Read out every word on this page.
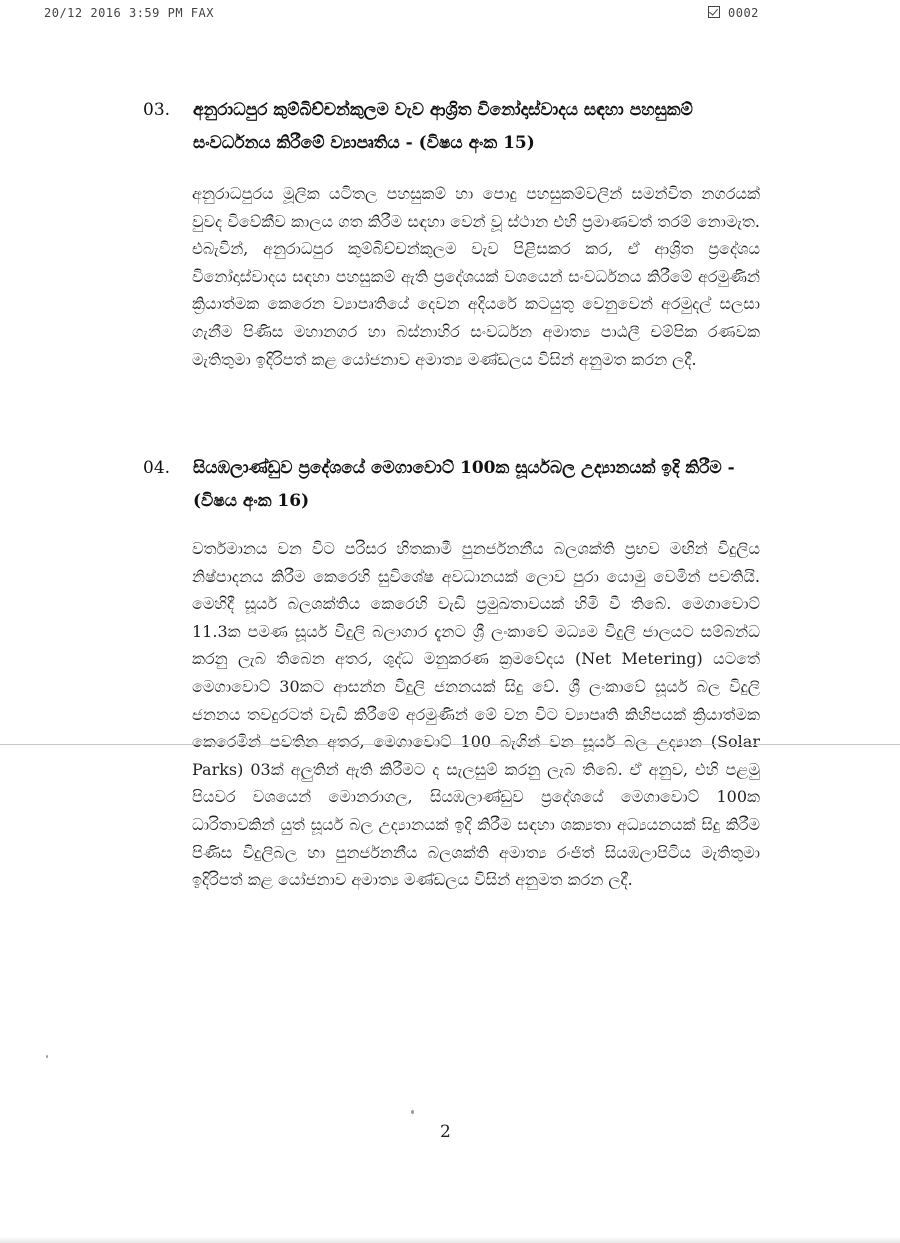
20/12 2016 3:59 PM FAX	0002
03. අනුරාධපුර කුම්බිච්චන්කුලම වැව ආශ්‍රිත විනෝදාස්වාදය සඳහා පහසුකම් සංවර්ධනය කිරීමේ ව්‍යාපෘතිය - (විෂය අංක 15)

අනුරාධපුරය මූලික යටිතල පහසුකම් හා පොදු පහසුකම්වලින් සමන්විත නගරයක් වුවද විවේකීව කාලය ගත කිරීම සඳහා වෙන් වූ ස්ථාන එහි ප්‍රමාණවත් තරම් නොමැත. එබැවින්, අනුරාධපුර කුම්බිච්චන්කුලම වැව පිළිසකර කර, ඒ ආශ්‍රිත ප්‍රදේශය විනෝදාස්වාදය සඳහා පහසුකම් ඇති ප්‍රදේශයක් වශයෙන් සංවර්ධනය කිරීමේ අරමුණින් ක්‍රියාත්මක කෙරෙන ව්‍යාපෘතියේ දෙවන අදියරේ කටයුතු වෙනුවෙන් අරමුදල් සලසා ගැනීම පිණිස මහානගර හා බස්නාහිර සංවර්ධන අමාත්‍ය පාඨලී චම්පික රණවක මැතිතුමා ඉදිරිපත් කළ යෝජනාව අමාත්‍ය මණ්ඩලය විසින් අනුමත කරන ලදී.

04. සියඹලාණ්ඩුව ප්‍රදේශයේ මෙගාවොට් 100ක සූර්යබල උද්‍යානයක් ඉදි කිරීම - (විෂය අංක 16)

වර්තමානය වන විට පරිසර හිතකාමී පුනර්ජනනීය බලශක්ති ප්‍රභව මඟින් විදුලිය නිෂ්පාදනය කිරීම කෙරෙහි සුවිශේෂ අවධානයක් ලොව පුරා යොමු වෙමින් පවතියි. මෙහිදී සූර්ය බලශක්තිය කෙරෙහි වැඩි ප්‍රමුඛතාවයක් හිමි වී තිබේ. මෙගාවොට් 11.3ක පමණ සූර්ය විදුලි බලාගාර දැනට ශ්‍රී ලංකාවේ මධ්‍යම විදුලි ජාලයට සම්බන්ධ කරනු ලැබ තිබෙන අතර, ශුද්ධ මනුකරණ ක්‍රමවේදය (Net Metering) යටතේ මෙගාවොට් 30කට ආසන්න විදුලි ජනනයක් සිදු වේ. ශ්‍රී ලංකාවේ සූර්ය බල විදුලි ජනනය තවදුරටත් වැඩි කිරීමේ අරමුණින් මේ වන විට ව්‍යාපෘති කිහිපයක් ක්‍රියාත්මක කෙරෙමින් පවතින අතර, මෙගාවොට් 100 බැගින් වන සූර්ය බල උද්‍යාන (Solar Parks) 03ක් අලුතින් ඇති කිරීමට ද සැලසුම් කරනු ලැබ තිබේ. ඒ අනුව, එහි පළමු පියවර වශයෙන් මොනරාගල, සියඹලාණ්ඩුව ප්‍රදේශයේ මෙගාවොට් 100ක ධාරිතාවකින් යුත් සූර්ය බල උද්‍යානයක් ඉදි කිරීම සඳහා ශක්‍යතා අධ්‍යයනයක් සිදු කිරීම පිණිස විදුලිබල හා පුනර්ජනනීය බලශක්ති අමාත්‍ය රංජිත් සියඹලාපිටිය මැතිතුමා ඉදිරිපත් කළ යෝජනාව අමාත්‍ය මණ්ඩලය විසින් අනුමත කරන ලදී.

2
